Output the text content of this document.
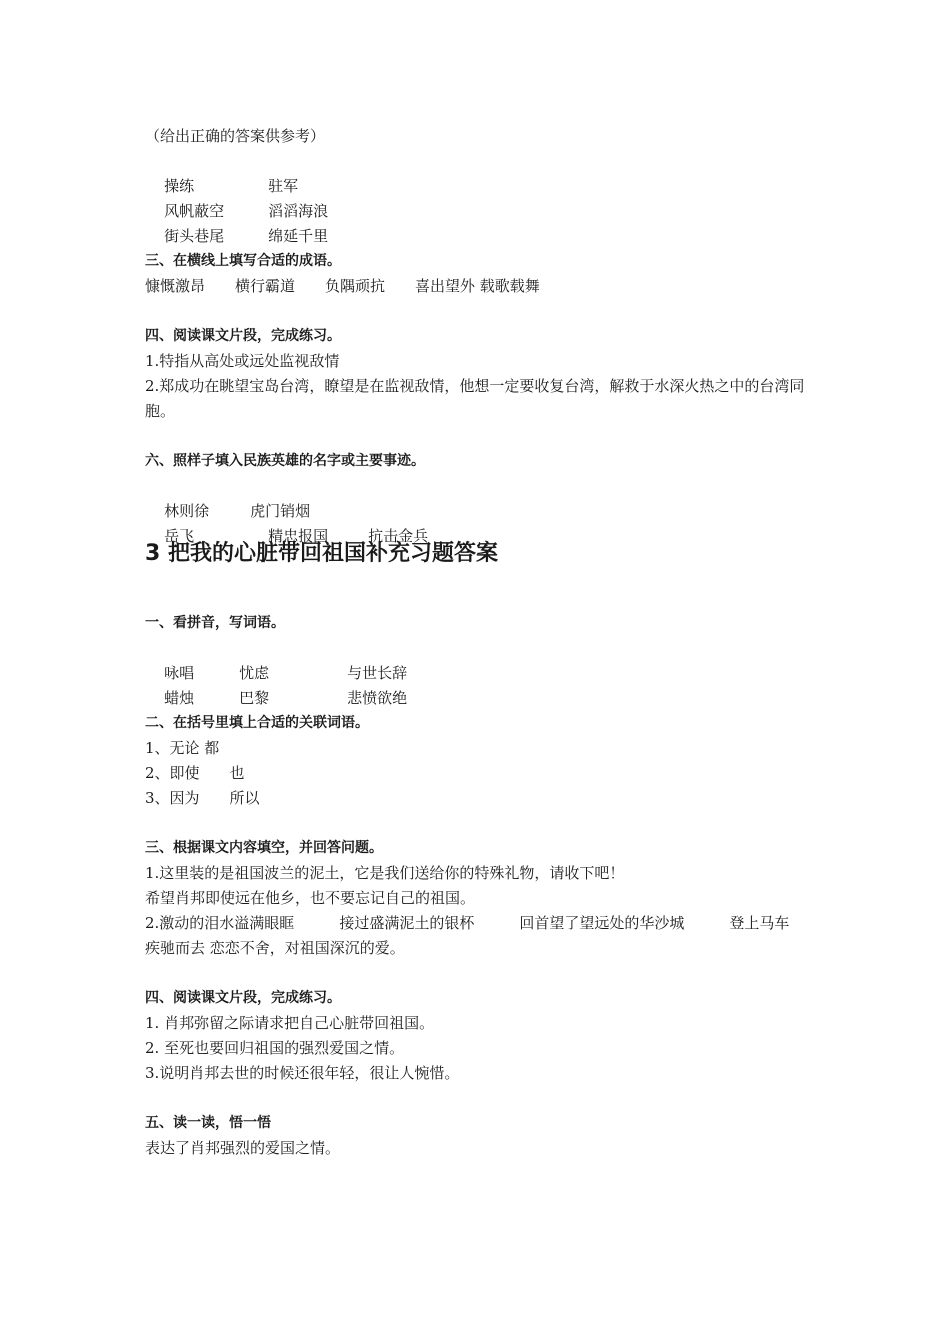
（给出正确的答案供参考）

操练	驻军

风帆蔽空	滔滔海浪

街头巷尾	绵延千里

三、在横线上填写合适的成语。
慷慨激昂　　横行霸道　　负隅顽抗　　喜出望外 载歌载舞
四、阅读课文片段，完成练习。
1.特指从高处或远处监视敌情
2.郑成功在眺望宝岛台湾，瞭望是在监视敌情，他想一定要收复台湾，解救于水深火热之中的台湾同胞。
六、照样子填入民族英雄的名字或主要事迹。

林则徐	虎门销烟

岳飞	精忠报国	抗击金兵

3 把我的心脏带回祖国补充习题答案
一、看拼音，写词语。

咏唱	忧虑	与世长辞

蜡烛	巴黎	悲愤欲绝

二、在括号里填上合适的关联词语。
1、无论 都
2、即使　　也
3、因为　　所以
三、根据课文内容填空，并回答问题。
1.这里装的是祖国波兰的泥土，它是我们送给你的特殊礼物，请收下吧！
希望肖邦即使远在他乡，也不要忘记自己的祖国。
2.激动的泪水溢满眼眶　　　接过盛满泥土的银杯　　　回首望了望远处的华沙城　　　登上马车　　疾驰而去 恋恋不舍，对祖国深沉的爱。
四、阅读课文片段，完成练习。
1. 肖邦弥留之际请求把自己心脏带回祖国。
2. 至死也要回归祖国的强烈爱国之情。
3.说明肖邦去世的时候还很年轻，很让人惋惜。
五、读一读，悟一悟
表达了肖邦强烈的爱国之情。
